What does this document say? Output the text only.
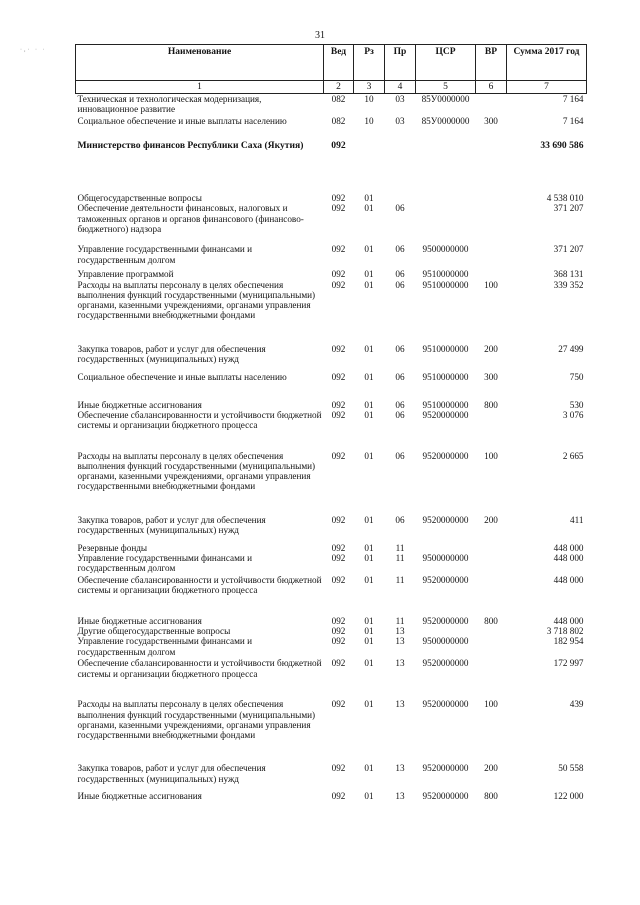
31
·,· · ·	Наименование	Вед	Рз	Пр	ЦСР	ВР	Сумма 2017 год
1	2	3	4	5	6	7
Техническая и технологическая модернизация, инновационное развитие	082	10	03	85У0000000		7 164
Социальное обеспечение и иные выплаты населению	082	10	03	85У0000000	300	7 164
Министерство финансов Республики Саха (Якутия)	092					33 690 586

Общегосударственные вопросы	092	01				4 538 010
Обеспечение деятельности финансовых, налоговых и таможенных органов и органов финансового (финансово-бюджетного) надзора	092	01	06			371 207
Управление государственными финансами и государственным долгом	092	01	06	9500000000		371 207
Управление программой	092	01	06	9510000000		368 131
Расходы на выплаты персоналу в целях обеспечения выполнения функций государственными (муниципальными) органами, казенными учреждениями, органами управления государственными внебюджетными фондами	092	01	06	9510000000	100	339 352
Закупка товаров, работ и услуг для обеспечения государственных (муниципальных) нужд	092	01	06	9510000000	200	27 499
Социальное обеспечение и иные выплаты населению	092	01	06	9510000000	300	750
Иные бюджетные ассигнования	092	01	06	9510000000	800	530
Обеспечение сбалансированности и устойчивости бюджетной системы и организации бюджетного процесса	092	01	06	9520000000		3 076
Расходы на выплаты персоналу в целях обеспечения выполнения функций государственными (муниципальными) органами, казенными учреждениями, органами управления государственными внебюджетными фондами	092	01	06	9520000000	100	2 665
Закупка товаров, работ и услуг для обеспечения государственных (муниципальных) нужд	092	01	06	9520000000	200	411
Резервные фонды	092	01	11			448 000
Управление государственными финансами и государственным долгом	092	01	11	9500000000		448 000
Обеспечение сбалансированности и устойчивости бюджетной системы и организации бюджетного процесса	092	01	11	9520000000		448 000
Иные бюджетные ассигнования	092	01	11	9520000000	800	448 000
Другие общегосударственные вопросы	092	01	13			3 718 802
Управление государственными финансами и государственным долгом	092	01	13	9500000000		182 954
Обеспечение сбалансированности и устойчивости бюджетной системы и организации бюджетного процесса	092	01	13	9520000000		172 997
Расходы на выплаты персоналу в целях обеспечения выполнения функций государственными (муниципальными) органами, казенными учреждениями, органами управления государственными внебюджетными фондами	092	01	13	9520000000	100	439
Закупка товаров, работ и услуг для обеспечения государственных (муниципальных) нужд	092	01	13	9520000000	200	50 558
Иные бюджетные ассигнования	092	01	13	9520000000	800	122 000
